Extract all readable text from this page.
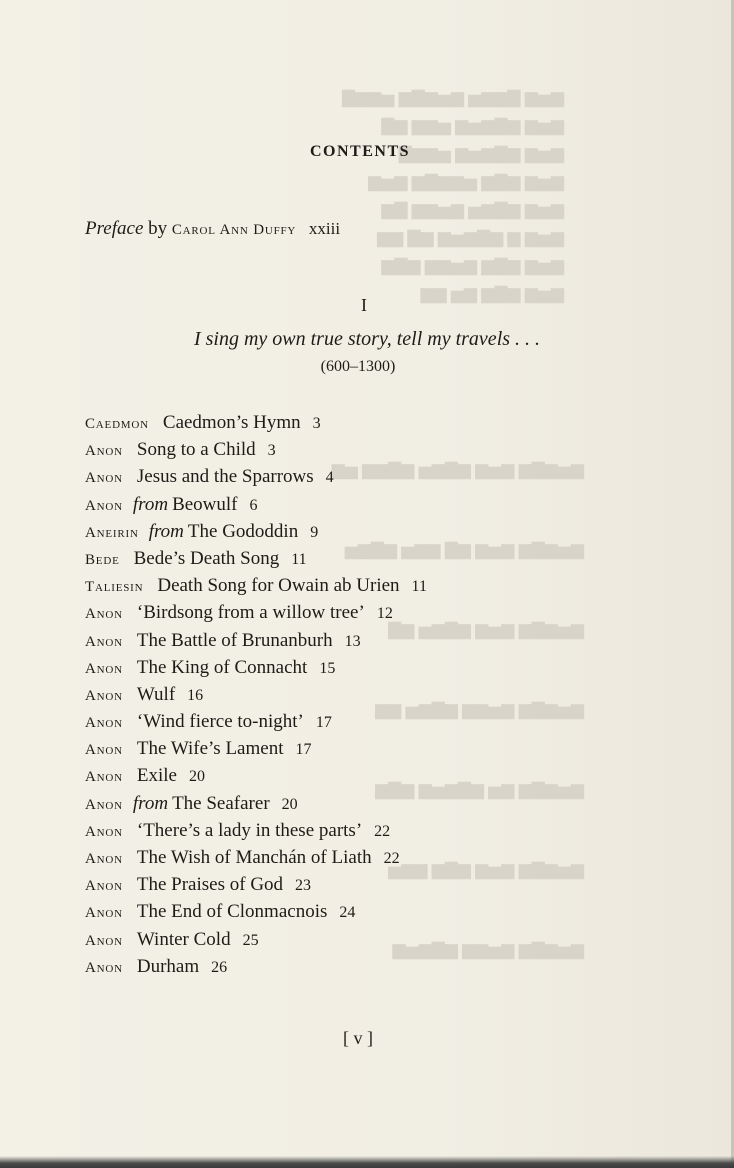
▆▅▆ ▇▆▆▅ ▆▅▆▇▆ ▅▆▆▇
▆▅▆ ▆▇▆▅▆ ▅▆▆ ▆▇
▆▅▆ ▆▇▆▅▆ ▅▆▆▇
▆▅▆ ▆▇▆ ▅▆▆▇▆ ▆▅▆
▆▅▆ ▆▇▆▅ ▆▅▆▆ ▇▆
▆▅▆ ▆ ▆▇▆▅▆ ▆▇ ▆▆
▆▅▆ ▆▇▆ ▆▅▆▆ ▆▇▆
▆▅▆ ▆▇▆ ▆▅ ▆▆
▆▅▆▇▆ ▆▅▆ ▆▇▆▅ ▆▇▆▆ ▅▆
▆▅▆▇▆ ▆▅▆ ▆▇ ▆▆▅ ▆▇▆▅
▆▅▆▇▆ ▆▅▆ ▆▇▆▅ ▆▇
▆▅▆▇▆ ▆▅▆▆ ▆▇▆▅ ▆▆
▆▅▆▇▆ ▆▅ ▆▇▆▅▆ ▆▇▆
▆▅▆▇▆ ▆▅▆ ▆▇▆ ▆▆▅
▆▅▆▇▆ ▆▅▆▆ ▆▇▆▅▆
CONTENTS
Preface by Carol Ann Duffy xxiii
I
I sing my own true story, tell my travels . . .
(600–1300)
Caedmon Caedmon’s Hymn 3
Anon Song to a Child 3
Anon Jesus and the Sparrows 4
Anon from Beowulf 6
Aneirin from The Gododdin 9
Bede Bede’s Death Song 11
Taliesin Death Song for Owain ab Urien 11
Anon ‘Birdsong from a willow tree’ 12
Anon The Battle of Brunanburh 13
Anon The King of Connacht 15
Anon Wulf 16
Anon ‘Wind fierce to-night’ 17
Anon The Wife’s Lament 17
Anon Exile 20
Anon from The Seafarer 20
Anon ‘There’s a lady in these parts’ 22
Anon The Wish of Manchán of Liath 22
Anon The Praises of God 23
Anon The End of Clonmacnois 24
Anon Winter Cold 25
Anon Durham 26
[ v ]
